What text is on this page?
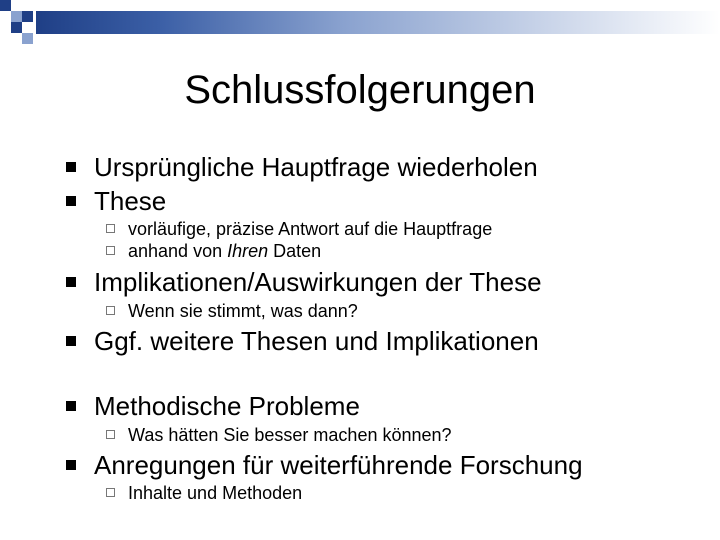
Schlussfolgerungen
Ursprüngliche Hauptfrage wiederholen
These
vorläufige, präzise Antwort auf die Hauptfrage
anhand von Ihren Daten
Implikationen/Auswirkungen der These
Wenn sie stimmt, was dann?
Ggf. weitere Thesen und Implikationen
Methodische Probleme
Was hätten Sie besser machen können?
Anregungen für weiterführende Forschung
Inhalte und Methoden
